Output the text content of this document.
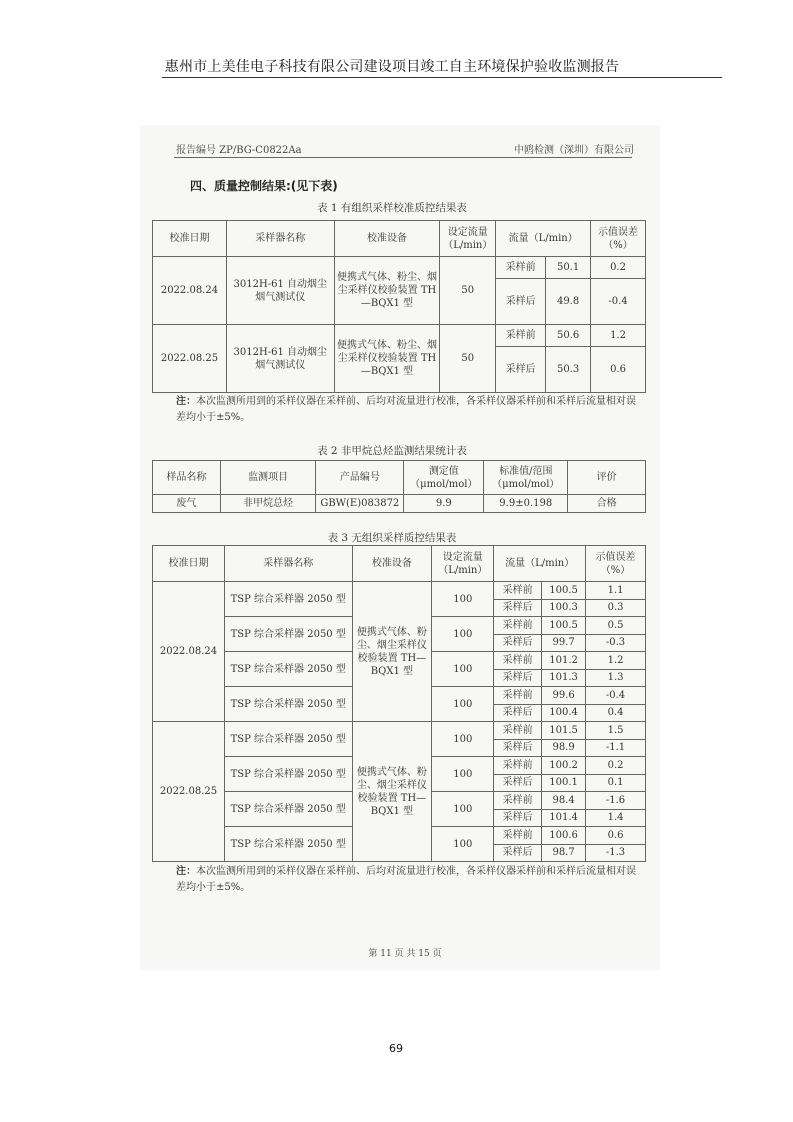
惠州市上美佳电子科技有限公司建设项目竣工自主环境保护验收监测报告
报告编号 ZP/BG-C0822Aa	中鸥检测（深圳）有限公司
四、质量控制结果:(见下表)
表 1 有组织采样校准质控结果表
校准日期	采样器名称	校准设备	设定流量（L/min）	流量（L/min）		示值误差（%）
2022.08.24	3012H-61 自动烟尘烟气测试仪	便携式气体、粉尘、烟尘采样仪校验装置 TH—BQX1 型	50	采样前	50.1	0.2
				采样后	49.8	-0.4
2022.08.25	3012H-61 自动烟尘烟气测试仪	便携式气体、粉尘、烟尘采样仪校验装置 TH—BQX1 型	50	采样前	50.6	1.2
				采样后	50.3	0.6
注：本次监测所用到的采样仪器在采样前、后均对流量进行校准，各采样仪器采样前和采样后流量相对误差均小于±5%。
表 2 非甲烷总烃监测结果统计表
样品名称	监测项目	产品编号	测定值（μmol/mol）	标准值/范围（μmol/mol）	评价
废气	非甲烷总烃	GBW(E)083872	9.9	9.9±0.198	合格
表 3 无组织采样质控结果表
校准日期	采样器名称	校准设备	设定流量（L/min）	流量（L/min）		示值误差（%）
2022.08.24	TSP 综合采样器 2050 型	便携式气体、粉尘、烟尘采样仪校验装置 TH—BQX1 型	100	采样前	100.5	1.1
				采样后	100.3	0.3
	TSP 综合采样器 2050 型		100	采样前	100.5	0.5
				采样后	99.7	-0.3
	TSP 综合采样器 2050 型		100	采样前	101.2	1.2
				采样后	101.3	1.3
	TSP 综合采样器 2050 型		100	采样前	99.6	-0.4
				采样后	100.4	0.4
2022.08.25	TSP 综合采样器 2050 型	便携式气体、粉尘、烟尘采样仪校验装置 TH—BQX1 型	100	采样前	101.5	1.5
				采样后	98.9	-1.1
	TSP 综合采样器 2050 型		100	采样前	100.2	0.2
				采样后	100.1	0.1
	TSP 综合采样器 2050 型		100	采样前	98.4	-1.6
				采样后	101.4	1.4
	TSP 综合采样器 2050 型		100	采样前	100.6	0.6
				采样后	98.7	-1.3
注：本次监测所用到的采样仪器在采样前、后均对流量进行校准，各采样仪器采样前和采样后流量相对误差均小于±5%。
第 11 页 共 15 页
69
